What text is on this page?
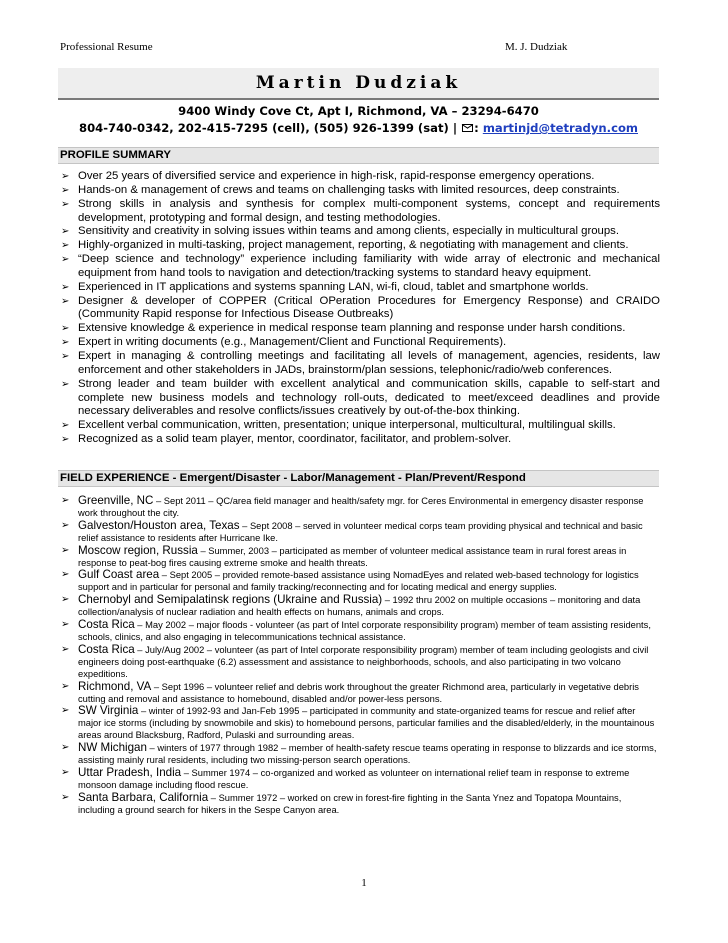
Professional Resume	M. J. Dudziak
Martin Dudziak
9400 Windy Cove Ct, Apt I, Richmond, VA – 23294-6470
804-740-0342, 202-415-7295 (cell), (505) 926-1399 (sat) | : martinjd@tetradyn.com
PROFILE SUMMARY
➢ Over 25 years of diversified service and experience in high-risk, rapid-response emergency operations.
➢ Hands-on & management of crews and teams on challenging tasks with limited resources, deep constraints.
➢ Strong skills in analysis and synthesis for complex multi-component systems, concept and requirements development, prototyping and formal design, and testing methodologies.
➢ Sensitivity and creativity in solving issues within teams and among clients, especially in multicultural groups.
➢ Highly-organized in multi-tasking, project management, reporting, & negotiating with management and clients.
➢ “Deep science and technology” experience including familiarity with wide array of electronic and mechanical equipment from hand tools to navigation and detection/tracking systems to standard heavy equipment.
➢ Experienced in IT applications and systems spanning LAN, wi-fi, cloud, tablet and smartphone worlds.
➢ Designer & developer of COPPER (Critical OPeration Procedures for Emergency Response) and CRAIDO (Community Rapid response for Infectious Disease Outbreaks)
➢ Extensive knowledge & experience in medical response team planning and response under harsh conditions.
➢ Expert in writing documents (e.g., Management/Client and Functional Requirements).
➢ Expert in managing & controlling meetings and facilitating all levels of management, agencies, residents, law enforcement and other stakeholders in JADs, brainstorm/plan sessions, telephonic/radio/web conferences.
➢ Strong leader and team builder with excellent analytical and communication skills, capable to self-start and complete new business models and technology roll-outs, dedicated to meet/exceed deadlines and provide necessary deliverables and resolve conflicts/issues creatively by out-of-the-box thinking.
➢ Excellent verbal communication, written, presentation; unique interpersonal, multicultural, multilingual skills.
➢ Recognized as a solid team player, mentor, coordinator, facilitator, and problem-solver.
FIELD EXPERIENCE - Emergent/Disaster - Labor/Management - Plan/Prevent/Respond
➢ Greenville, NC – Sept 2011 – QC/area field manager and health/safety mgr. for Ceres Environmental in emergency disaster response work throughout the city.
➢ Galveston/Houston area, Texas – Sept 2008 – served in volunteer medical corps team providing physical and technical and basic relief assistance to residents after Hurricane Ike.
➢ Moscow region, Russia – Summer, 2003 – participated as member of volunteer medical assistance team in rural forest areas in response to peat-bog fires causing extreme smoke and health threats.
➢ Gulf Coast area – Sept 2005 – provided remote-based assistance using NomadEyes and related web-based technology for logistics support and in particular for personal and family tracking/reconnecting and for locating medical and energy supplies.
➢ Chernobyl and Semipalatinsk regions (Ukraine and Russia) – 1992 thru 2002 on multiple occasions – monitoring and data collection/analysis of nuclear radiation and health effects on humans, animals and crops.
➢ Costa Rica – May 2002 – major floods - volunteer (as part of Intel corporate responsibility program) member of team assisting residents, schools, clinics, and also engaging in telecommunications technical assistance.
➢ Costa Rica – July/Aug 2002 – volunteer (as part of Intel corporate responsibility program) member of team including geologists and civil engineers doing post-earthquake (6.2) assessment and assistance to neighborhoods, schools, and also participating in two volcano expeditions.
➢ Richmond, VA – Sept 1996 – volunteer relief and debris work throughout the greater Richmond area, particularly in vegetative debris cutting and removal and assistance to homebound, disabled and/or power-less persons.
➢ SW Virginia – winter of 1992-93 and Jan-Feb 1995 – participated in community and state-organized teams for rescue and relief after major ice storms (including by snowmobile and skis) to homebound persons, particular families and the disabled/elderly, in the mountainous areas around Blacksburg, Radford, Pulaski and surrounding areas.
➢ NW Michigan – winters of 1977 through 1982 – member of health-safety rescue teams operating in response to blizzards and ice storms, assisting mainly rural residents, including two missing-person search operations.
➢ Uttar Pradesh, India – Summer 1974 – co-organized and worked as volunteer on international relief team in response to extreme monsoon damage including flood rescue.
➢ Santa Barbara, California – Summer 1972 – worked on crew in forest-fire fighting in the Santa Ynez and Topatopa Mountains, including a ground search for hikers in the Sespe Canyon area.
1
